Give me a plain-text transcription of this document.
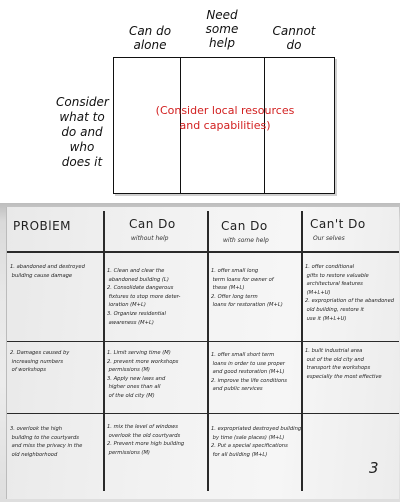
Can do
alone
Need
some
help
Cannot
do
Consider
what to
do and
who
does it
(Consider local resources
and capabilities)
PROBlEM	Can Do
without help
Can Do
with some help
Can't Do
Our selves
1. abandoned and destroyed
building cause damage
1. Clean and clear the
abandoned building (L)
2. Consolidate dangerous
fixtures to stop more deter-
ioration (M+L)
3. Organize residential
awareness (M+L)
1. offer small long
term loans for owner of
these (M+L)
2. Offer long term
loans for restoration (M+L)
1. offer conditional
gifts to restore valuable
architectural features
(M+L+U)
2. expropriation of the abandoned
old building, restore it
use it (M+L+U)
2. Damages caused by
increasing numbers
of workshops
1. Limit serving time (M)
2. prevent more workshops
permissions (M)
3. Apply new laws and
higher ones than all
of the old city (M)
1. offer small short term
loans in order to use proper
and good restoration (M+L)
2. improve the life conditions
and public services
1. built industrial area
out of the old city and
transport the workshops
especially the most effective
3. overlook the high
building to the courtyards
and miss the privacy in the
old neighborhood
1. mix the level of windows
overlook the old courtyards
2. Prevent more high building
permissions (M)
1. expropriated destroyed building
by time (sale places) (M+L)
2. Put a special specifications
for all building (M+L)
3
